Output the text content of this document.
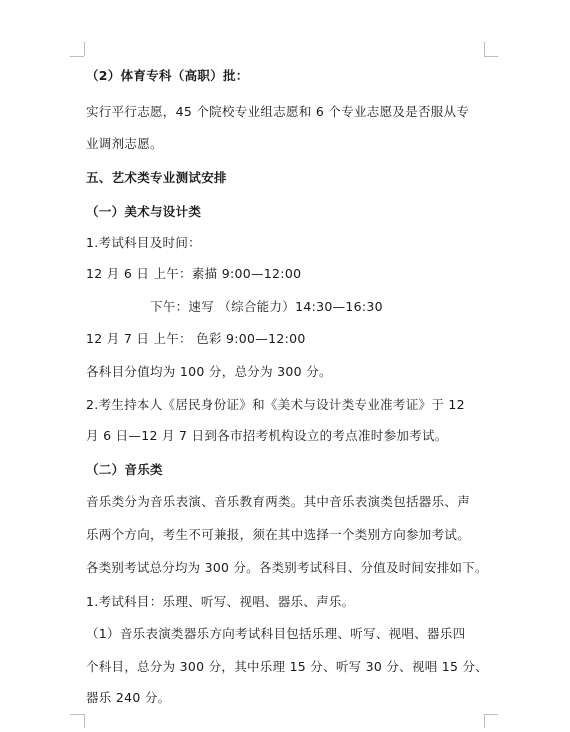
（2）体育专科（高职）批：
实行平行志愿，45 个院校专业组志愿和 6 个专业志愿及是否服从专
业调剂志愿。
五、艺术类专业测试安排
（一）美术与设计类
1.考试科目及时间：
12 月 6 日 上午：素描 9:00—12:00
下午：速写 （综合能力）14:30—16:30
12 月 7 日 上午： 色彩 9:00—12:00
各科目分值均为 100 分，总分为 300 分。
2.考生持本人《居民身份证》和《美术与设计类专业准考证》于 12
月 6 日—12 月 7 日到各市招考机构设立的考点准时参加考试。
（二）音乐类
音乐类分为音乐表演、音乐教育两类。其中音乐表演类包括器乐、声
乐两个方向，考生不可兼报，须在其中选择一个类别方向参加考试。
各类别考试总分均为 300 分。各类别考试科目、分值及时间安排如下。
1.考试科目：乐理、听写、视唱、器乐、声乐。
（1）音乐表演类器乐方向考试科目包括乐理、听写、视唱、器乐四
个科目，总分为 300 分，其中乐理 15 分、听写 30 分、视唱 15 分、
器乐 240 分。
